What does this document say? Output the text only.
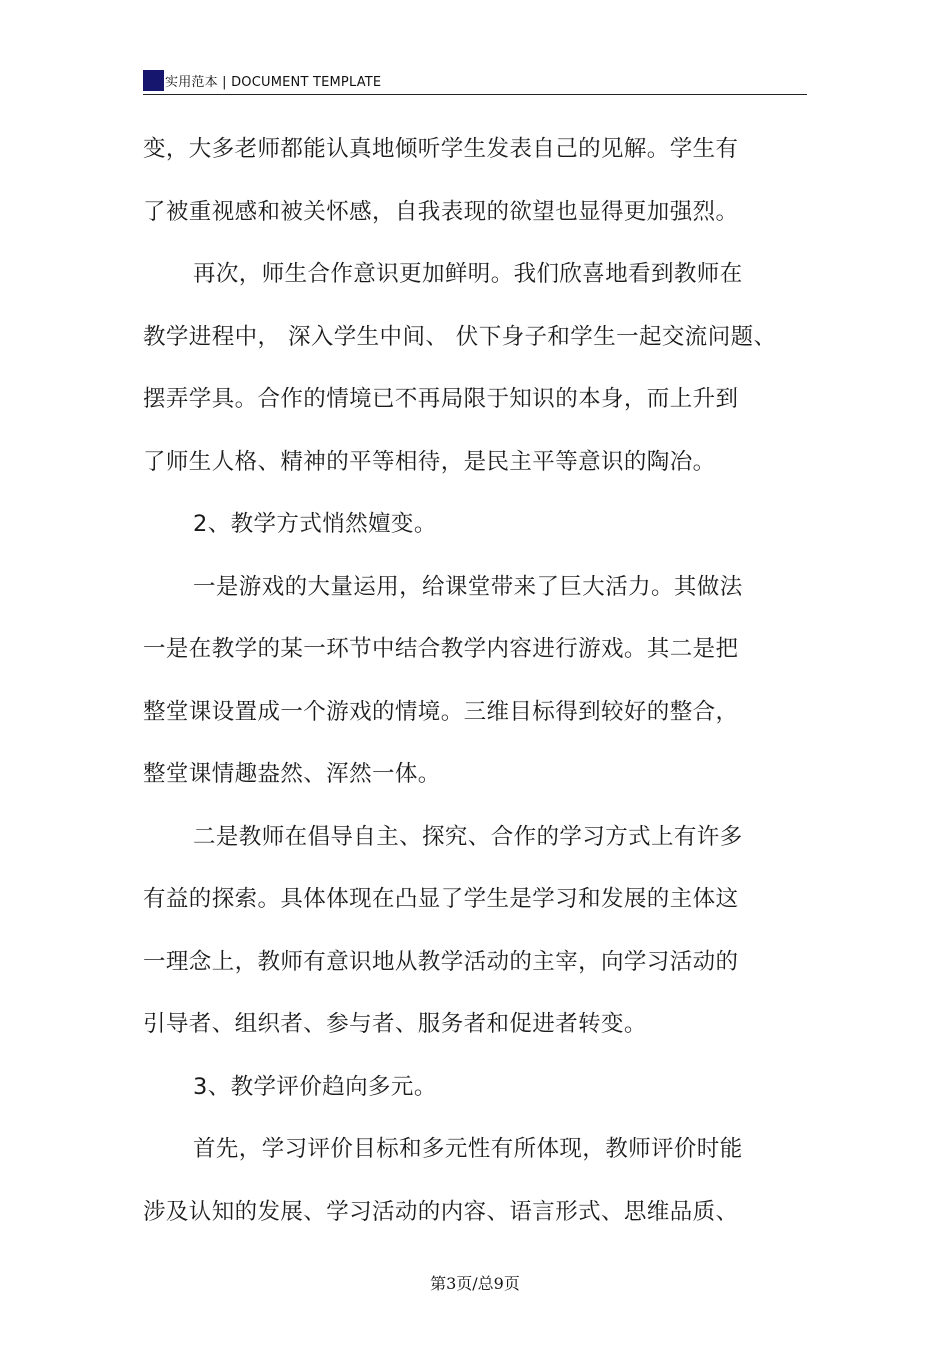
实用范本 | DOCUMENT TEMPLATE
变，大多老师都能认真地倾听学生发表自己的见解。学生有
了被重视感和被关怀感，自我表现的欲望也显得更加强烈。
再次，师生合作意识更加鲜明。我们欣喜地看到教师在
教学进程中， 深入学生中间、 伏下身子和学生一起交流问题、
摆弄学具。合作的情境已不再局限于知识的本身，而上升到
了师生人格、精神的平等相待，是民主平等意识的陶冶。
2、教学方式悄然嬗变。
一是游戏的大量运用，给课堂带来了巨大活力。其做法
一是在教学的某一环节中结合教学内容进行游戏。其二是把
整堂课设置成一个游戏的情境。三维目标得到较好的整合，
整堂课情趣盎然、浑然一体。
二是教师在倡导自主、探究、合作的学习方式上有许多
有益的探索。具体体现在凸显了学生是学习和发展的主体这
一理念上，教师有意识地从教学活动的主宰，向学习活动的
引导者、组织者、参与者、服务者和促进者转变。
3、教学评价趋向多元。
首先，学习评价目标和多元性有所体现，教师评价时能
涉及认知的发展、学习活动的内容、语言形式、思维品质、
第3页/总9页
